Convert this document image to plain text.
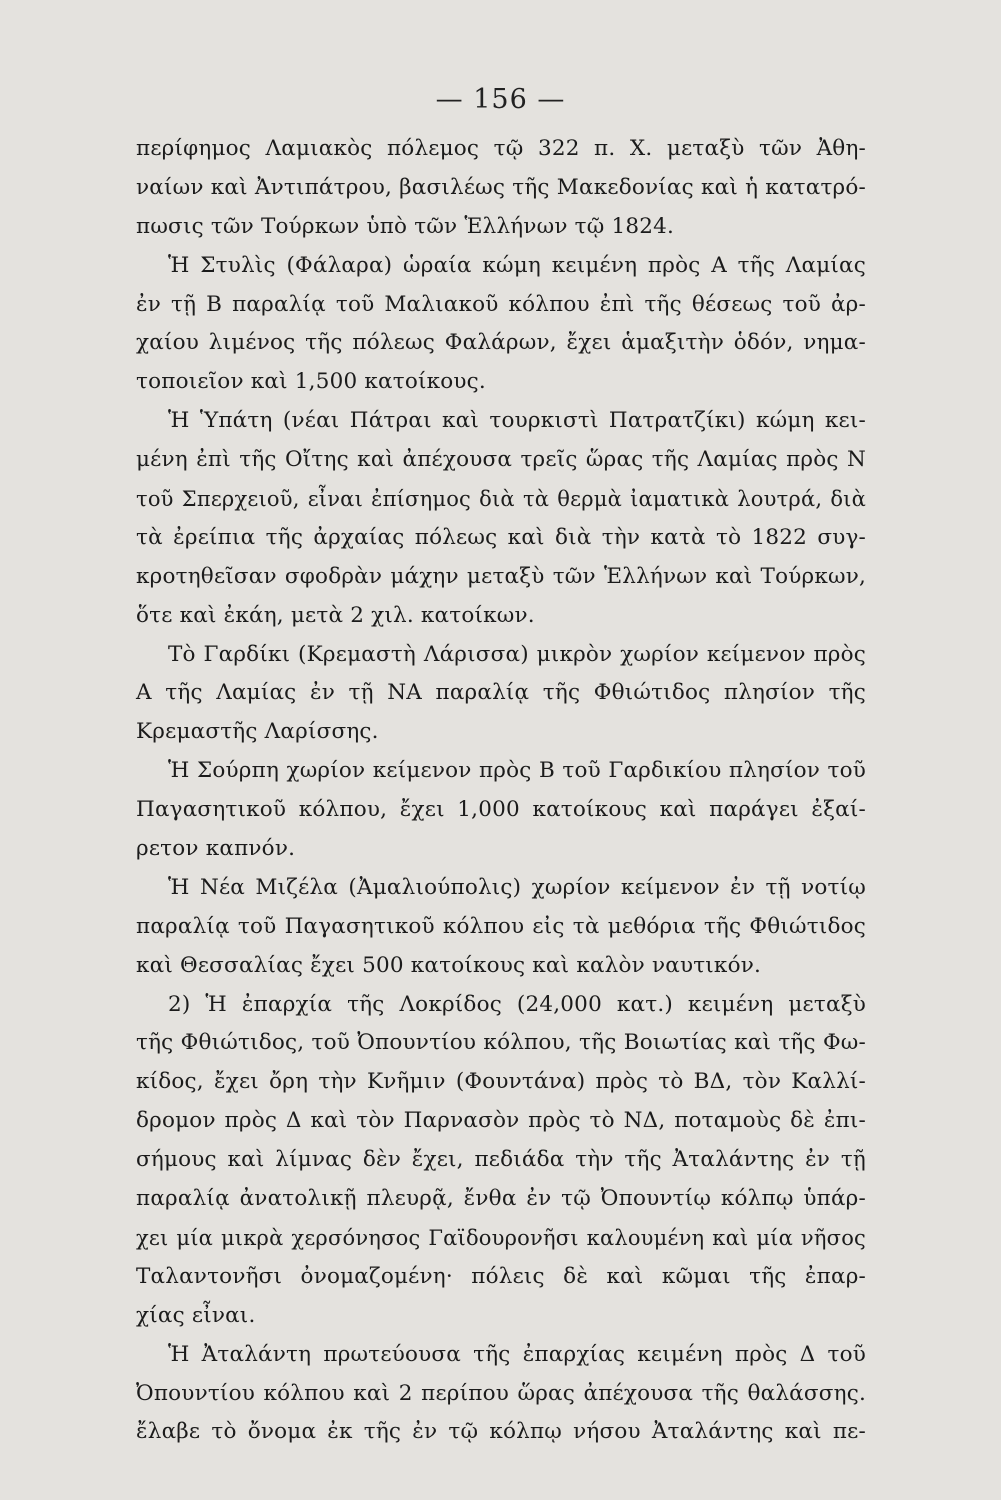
— 156 —
περίφημος Λαμιακὸς πόλεμος τῷ 322 π. Χ. μεταξὺ τῶν Ἀθη-
ναίων καὶ Ἀντιπάτρου, βασιλέως τῆς Μακεδονίας καὶ ἡ κατατρό-
πωσις τῶν Τούρκων ὑπὸ τῶν Ἑλλήνων τῷ 1824.
Ἡ Στυλὶς (Φάλαρα) ὡραία κώμη κειμένη πρὸς Α τῆς Λαμίας
ἐν τῇ Β παραλίᾳ τοῦ Μαλιακοῦ κόλπου ἐπὶ τῆς θέσεως τοῦ ἀρ-
χαίου λιμένος τῆς πόλεως Φαλάρων, ἔχει ἁμαξιτὴν ὁδόν, νημα-
τοποιεῖον καὶ 1,500 κατοίκους.
Ἡ Ὑπάτη (νέαι Πάτραι καὶ τουρκιστὶ Πατρατζίκι) κώμη κει-
μένη ἐπὶ τῆς Οἴτης καὶ ἀπέχουσα τρεῖς ὥρας τῆς Λαμίας πρὸς Ν
τοῦ Σπερχειοῦ, εἶναι ἐπίσημος διὰ τὰ θερμὰ ἰαματικὰ λουτρά, διὰ
τὰ ἐρείπια τῆς ἀρχαίας πόλεως καὶ διὰ τὴν κατὰ τὸ 1822 συγ-
κροτηθεῖσαν σφοδρὰν μάχην μεταξὺ τῶν Ἑλλήνων καὶ Τούρκων,
ὅτε καὶ ἐκάη, μετὰ 2 χιλ. κατοίκων.
Τὸ Γαρδίκι (Κρεμαστὴ Λάρισσα) μικρὸν χωρίον κείμενον πρὸς
Α τῆς Λαμίας ἐν τῇ ΝΑ παραλίᾳ τῆς Φθιώτιδος πλησίον τῆς
Κρεμαστῆς Λαρίσσης.
Ἡ Σούρπη χωρίον κείμενον πρὸς Β τοῦ Γαρδικίου πλησίον τοῦ
Παγασητικοῦ κόλπου, ἔχει 1,000 κατοίκους καὶ παράγει ἐξαί-
ρετον καπνόν.
Ἡ Νέα Μιζέλα (Ἀμαλιούπολις) χωρίον κείμενον ἐν τῇ νοτίῳ
παραλίᾳ τοῦ Παγασητικοῦ κόλπου εἰς τὰ μεθόρια τῆς Φθιώτιδος
καὶ Θεσσαλίας ἔχει 500 κατοίκους καὶ καλὸν ναυτικόν.
2) Ἡ ἐπαρχία τῆς Λοκρίδος (24,000 κατ.) κειμένη μεταξὺ
τῆς Φθιώτιδος, τοῦ Ὀπουντίου κόλπου, τῆς Βοιωτίας καὶ τῆς Φω-
κίδος, ἔχει ὄρη τὴν Κνῆμιν (Φουντάνα) πρὸς τὸ ΒΔ, τὸν Καλλί-
δρομον πρὸς Δ καὶ τὸν Παρνασὸν πρὸς τὸ ΝΔ, ποταμοὺς δὲ ἐπι-
σήμους καὶ λίμνας δὲν ἔχει, πεδιάδα τὴν τῆς Ἀταλάντης ἐν τῇ
παραλίᾳ ἀνατολικῇ πλευρᾷ, ἔνθα ἐν τῷ Ὀπουντίῳ κόλπῳ ὑπάρ-
χει μία μικρὰ χερσόνησος Γαϊδουρονῆσι καλουμένη καὶ μία νῆσος
Ταλαντονῆσι ὀνομαζομένη· πόλεις δὲ καὶ κῶμαι τῆς ἐπαρ-
χίας εἶναι.
Ἡ Ἀταλάντη πρωτεύουσα τῆς ἐπαρχίας κειμένη πρὸς Δ τοῦ
Ὀπουντίου κόλπου καὶ 2 περίπου ὥρας ἀπέχουσα τῆς θαλάσσης.
ἔλαβε τὸ ὄνομα ἐκ τῆς ἐν τῷ κόλπῳ νήσου Ἀταλάντης καὶ πε-
